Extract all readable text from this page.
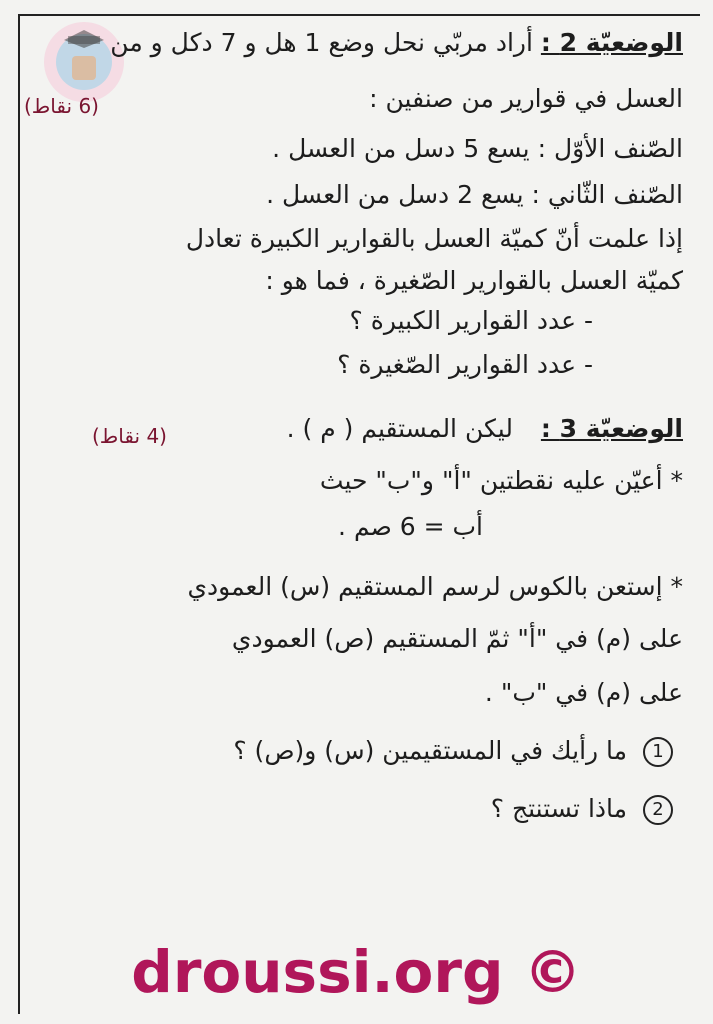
الوضعيّة 2 : أراد مربّي نحل وضع 1 هل و 7 دكل و من
(6 نقاط)	العسل في قوارير من صنفين :
الصّنف الأوّل : يسع 5 دسل من العسل .
الصّنف الثّاني : يسع 2 دسل من العسل .
إذا علمت أنّ كميّة العسل بالقوارير الكبيرة تعادل
كميّة العسل بالقوارير الصّغيرة ، فما هو :
- عدد القوارير الكبيرة ؟
- عدد القوارير الصّغيرة ؟
الوضعيّة 3 : ليكن المستقيم ( م ) .
(4 نقاط)
* أعيّن عليه نقطتين "أ" و"ب" حيث
أب = 6 صم .
* إستعن بالكوس لرسم المستقيم (س) العمودي
على (م) في "أ" ثمّ المستقيم (ص) العمودي
على (م) في "ب" .
1 ما رأيك في المستقيمين (س) و(ص) ؟
2 ماذا تستنتج ؟
droussi.org ©
